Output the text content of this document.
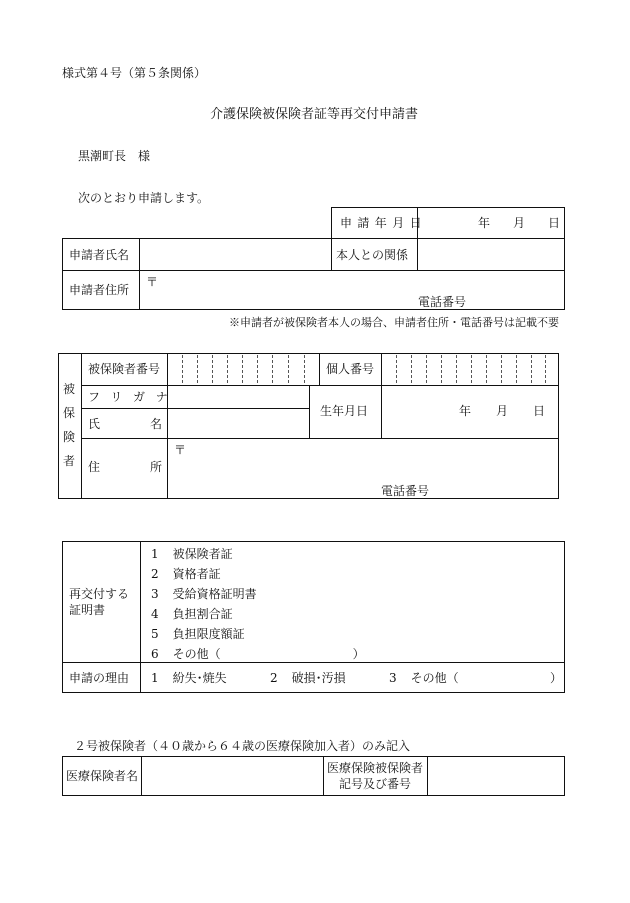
様式第４号（第５条関係）
介護保険被保険者証等再交付申請書
黒潮町長　様
次のとおり申請します。
申請年月日	年 月 日
申請者氏名	本人との関係
申請者住所
〒
電話番号
※申請者が被保険者本人の場合、申請者住所・電話番号は記載不要
被
保
険
者
被保険者番号	個人番号
フリガナ
氏	名
生年月日	年 月 日
住	所
〒
電話番号
再交付する
証明書
1 被保険者証
2 資格者証
3 受給資格証明書
4 負担割合証
5 負担限度額証
6 その他（　　　　　　　　　　　）
申請の理由 1 紛失･焼失	2 破損･汚損	3 その他（	）
２号被保険者（４０歳から６４歳の医療保険加入者）のみ記入
医療保険者名
医療保険被保険者
記号及び番号
